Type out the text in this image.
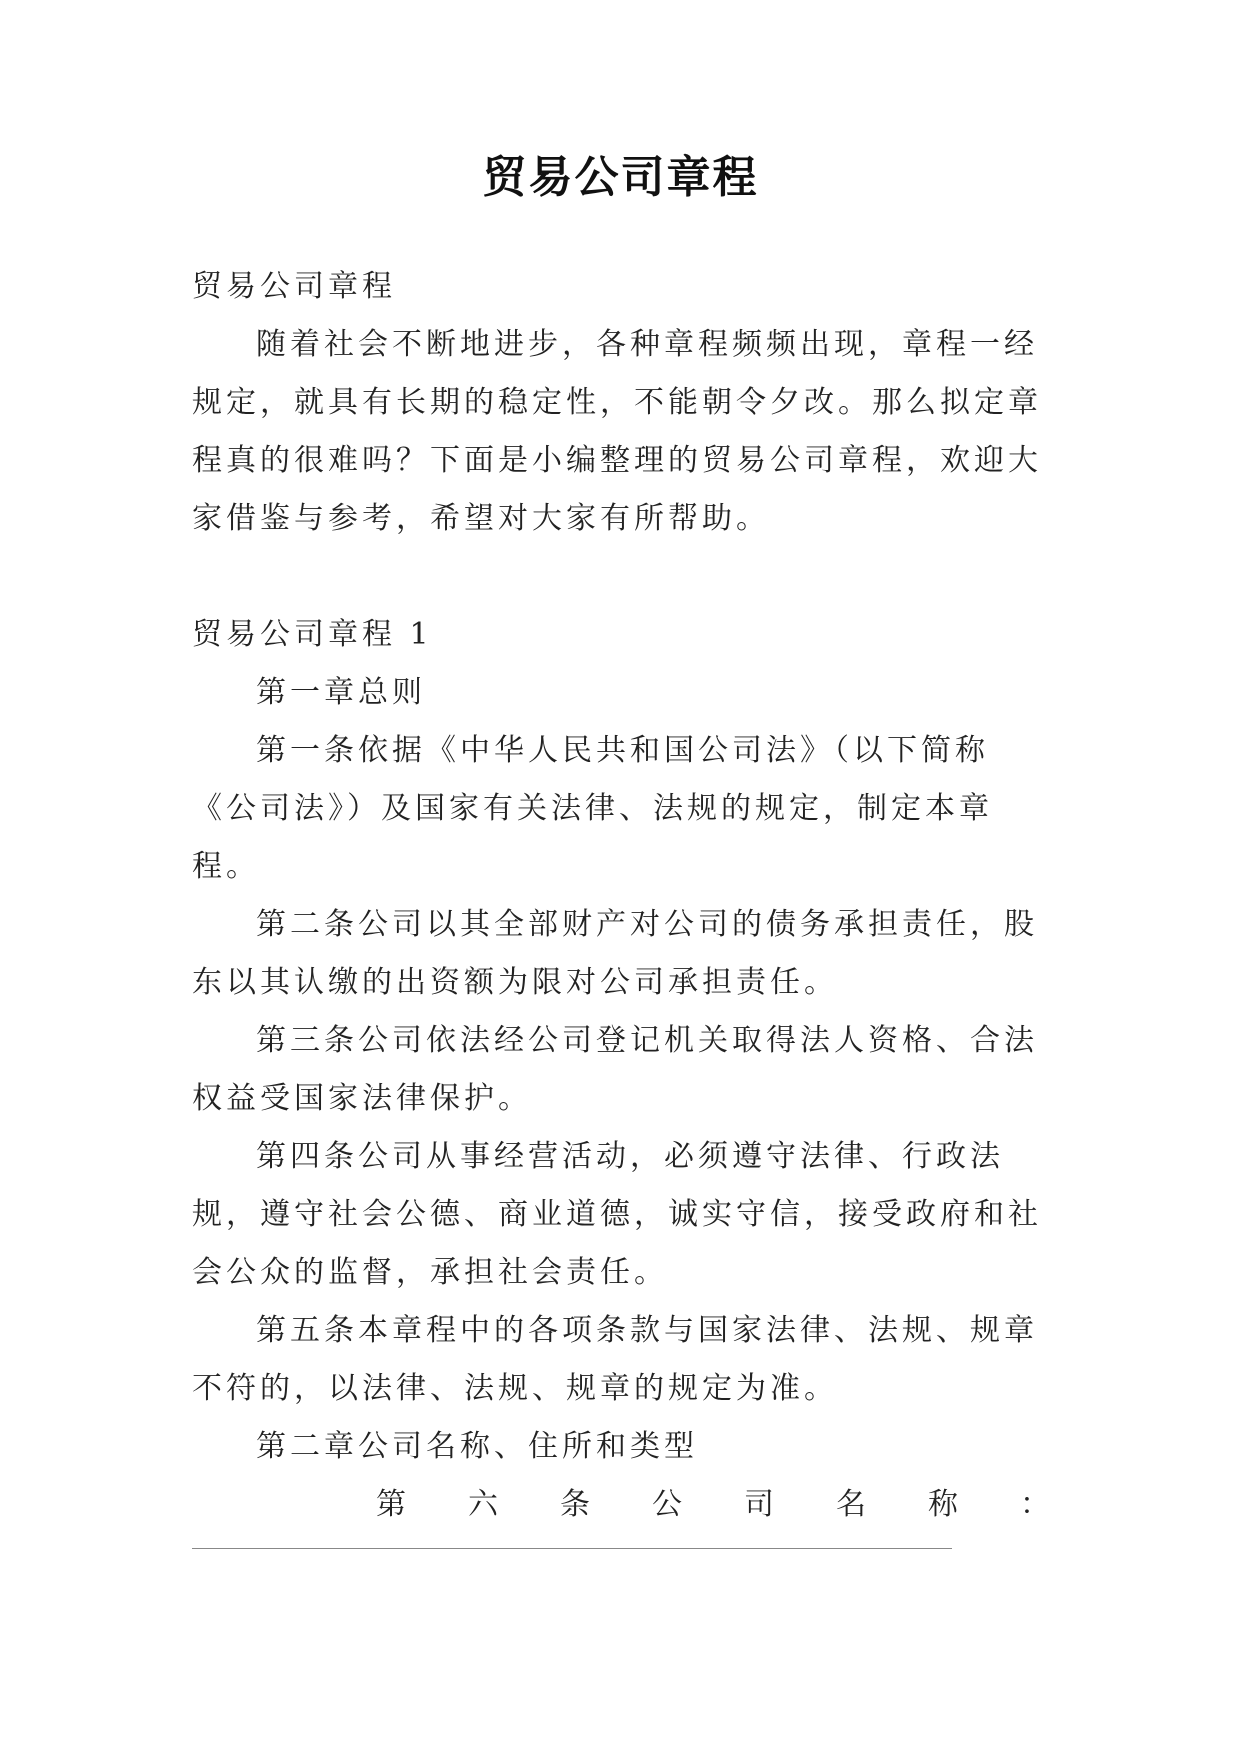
贸易公司章程

贸易公司章程

随着社会不断地进步，各种章程频频出现，章程一经规定，就具有长期的稳定性，不能朝令夕改。那么拟定章程真的很难吗？下面是小编整理的贸易公司章程，欢迎大家借鉴与参考，希望对大家有所帮助。

贸易公司章程 1

第一章总则

第一条依据《中华人民共和国公司法》（以下简称《公司法》）及国家有关法律、法规的规定，制定本章程。

第二条公司以其全部财产对公司的债务承担责任，股东以其认缴的出资额为限对公司承担责任。

第三条公司依法经公司登记机关取得法人资格、合法权益受国家法律保护。

第四条公司从事经营活动，必须遵守法律、行政法规，遵守社会公德、商业道德，诚实守信，接受政府和社会公众的监督，承担社会责任。

第五条本章程中的各项条款与国家法律、法规、规章不符的，以法律、法规、规章的规定为准。

第二章公司名称、住所和类型

第六条公司名称：
